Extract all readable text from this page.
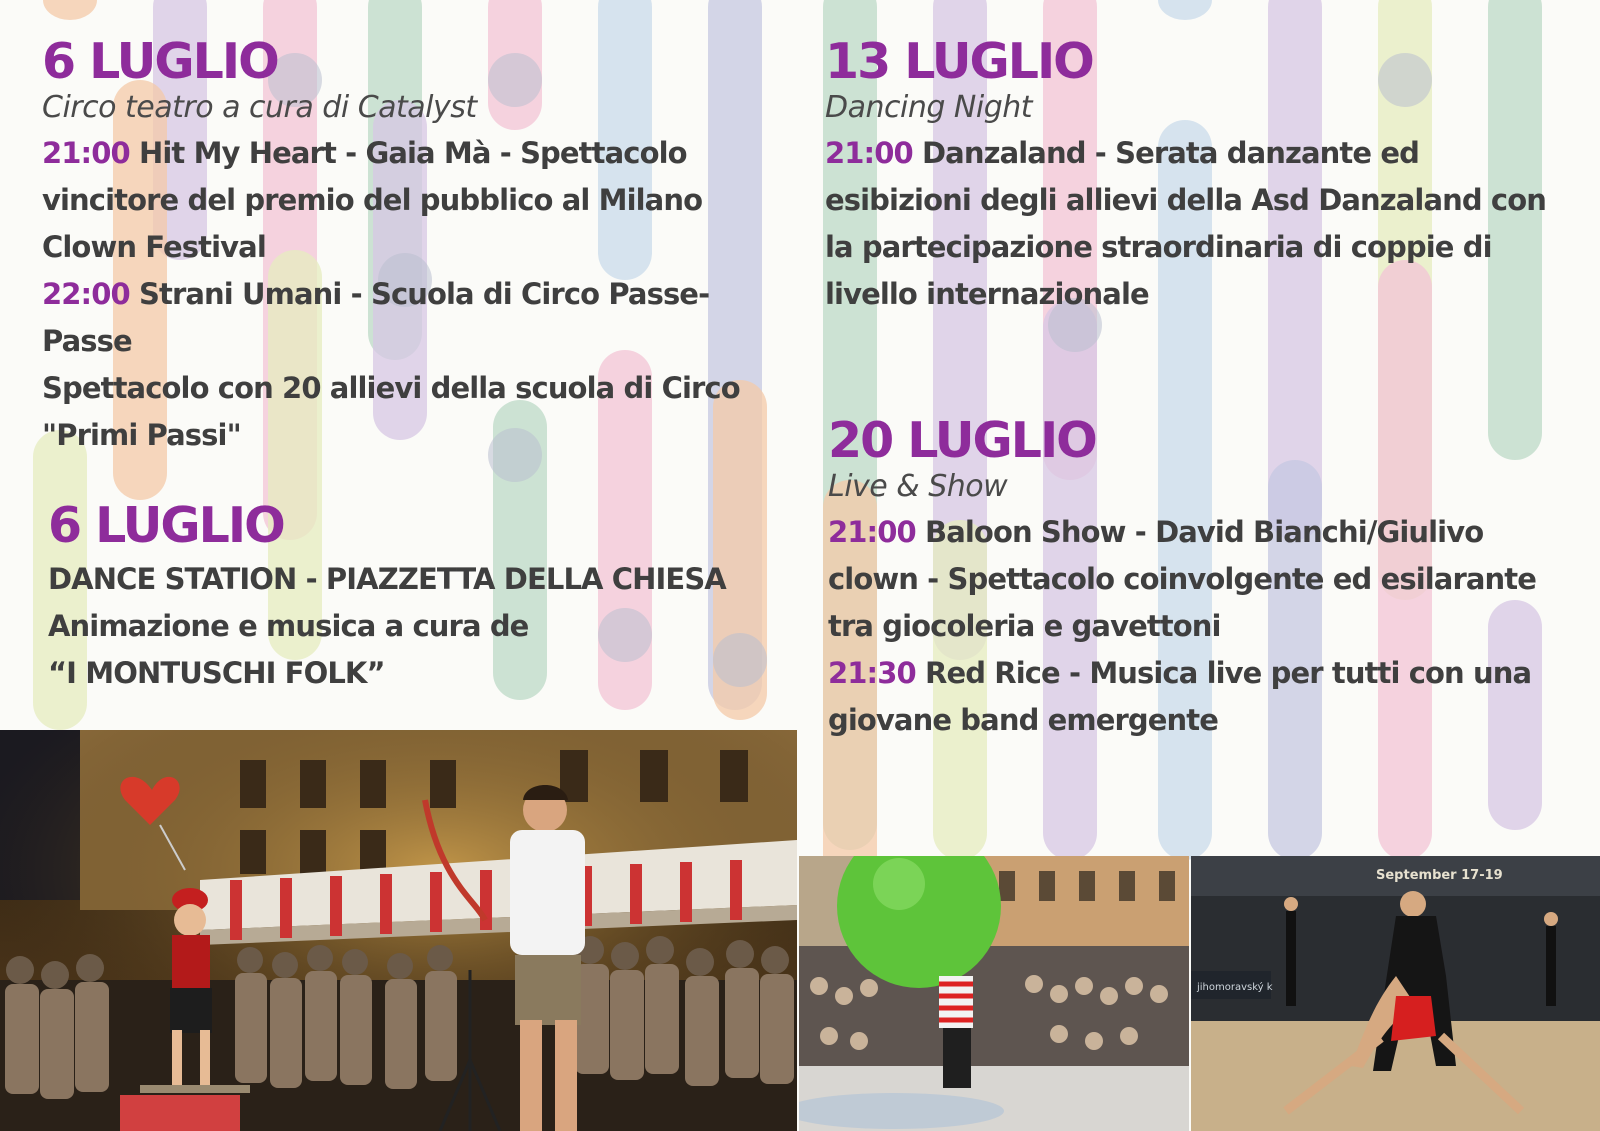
6 LUGLIO

Circo teatro a cura di Catalyst

21:00 Hit My Heart - Gaia Mà - Spettacolo vincitore del premio del pubblico al Milano Clown Festival

22:00 Strani Umani - Scuola di Circo Passe-Passe

Spettacolo con 20 allievi della scuola di Circo "Primi Passi"

6 LUGLIO

DANCE STATION - PIAZZETTA DELLA CHIESA

Animazione e musica a cura de

“I MONTUSCHI FOLK”

13 LUGLIO

Dancing Night

21:00 Danzaland - Serata danzante ed esibizioni degli allievi della Asd Danzaland con la partecipazione straordinaria di coppie di livello internazionale

20 LUGLIO

Live & Show

21:00 Baloon Show - David Bianchi/Giulivo clown - Spettacolo coinvolgente ed esilarante tra giocoleria e gavettoni

21:30 Red Rice - Musica live per tutti con una giovane band emergente

September 17-19
jihomoravský k
